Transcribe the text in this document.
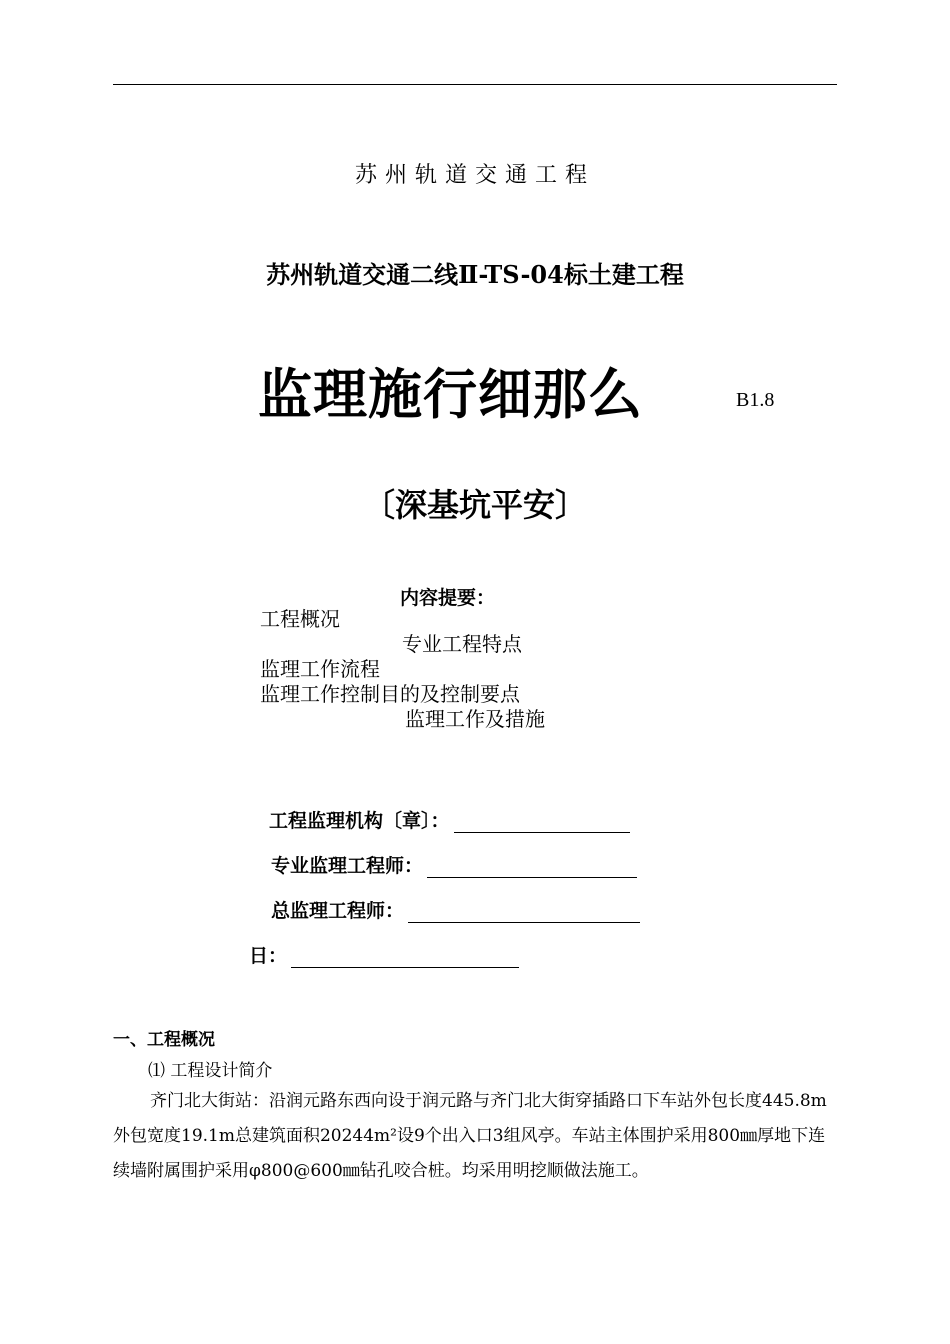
苏州轨道交通工程
苏州轨道交通二线Ⅱ-TS-04标土建工程
监理施行细那么	B1.8
〔深基坑平安〕
内容提要：
工程概况
专业工程特点
监理工作流程
监理工作控制目的及控制要点
监理工作及措施
工程监理机构〔章〕：
专业监理工程师：
总监理工程师：
日：
一、工程概况
⑴ 工程设计简介
齐门北大街站：沿润元路东西向设于润元路与齐门北大街穿插路口下车站外包长度445.8m外包宽度19.1m总建筑面积20244m²设9个出入口3组风亭。车站主体围护采用800㎜厚地下连续墙附属围护采用φ800@600㎜钻孔咬合桩。均采用明挖顺做法施工。
